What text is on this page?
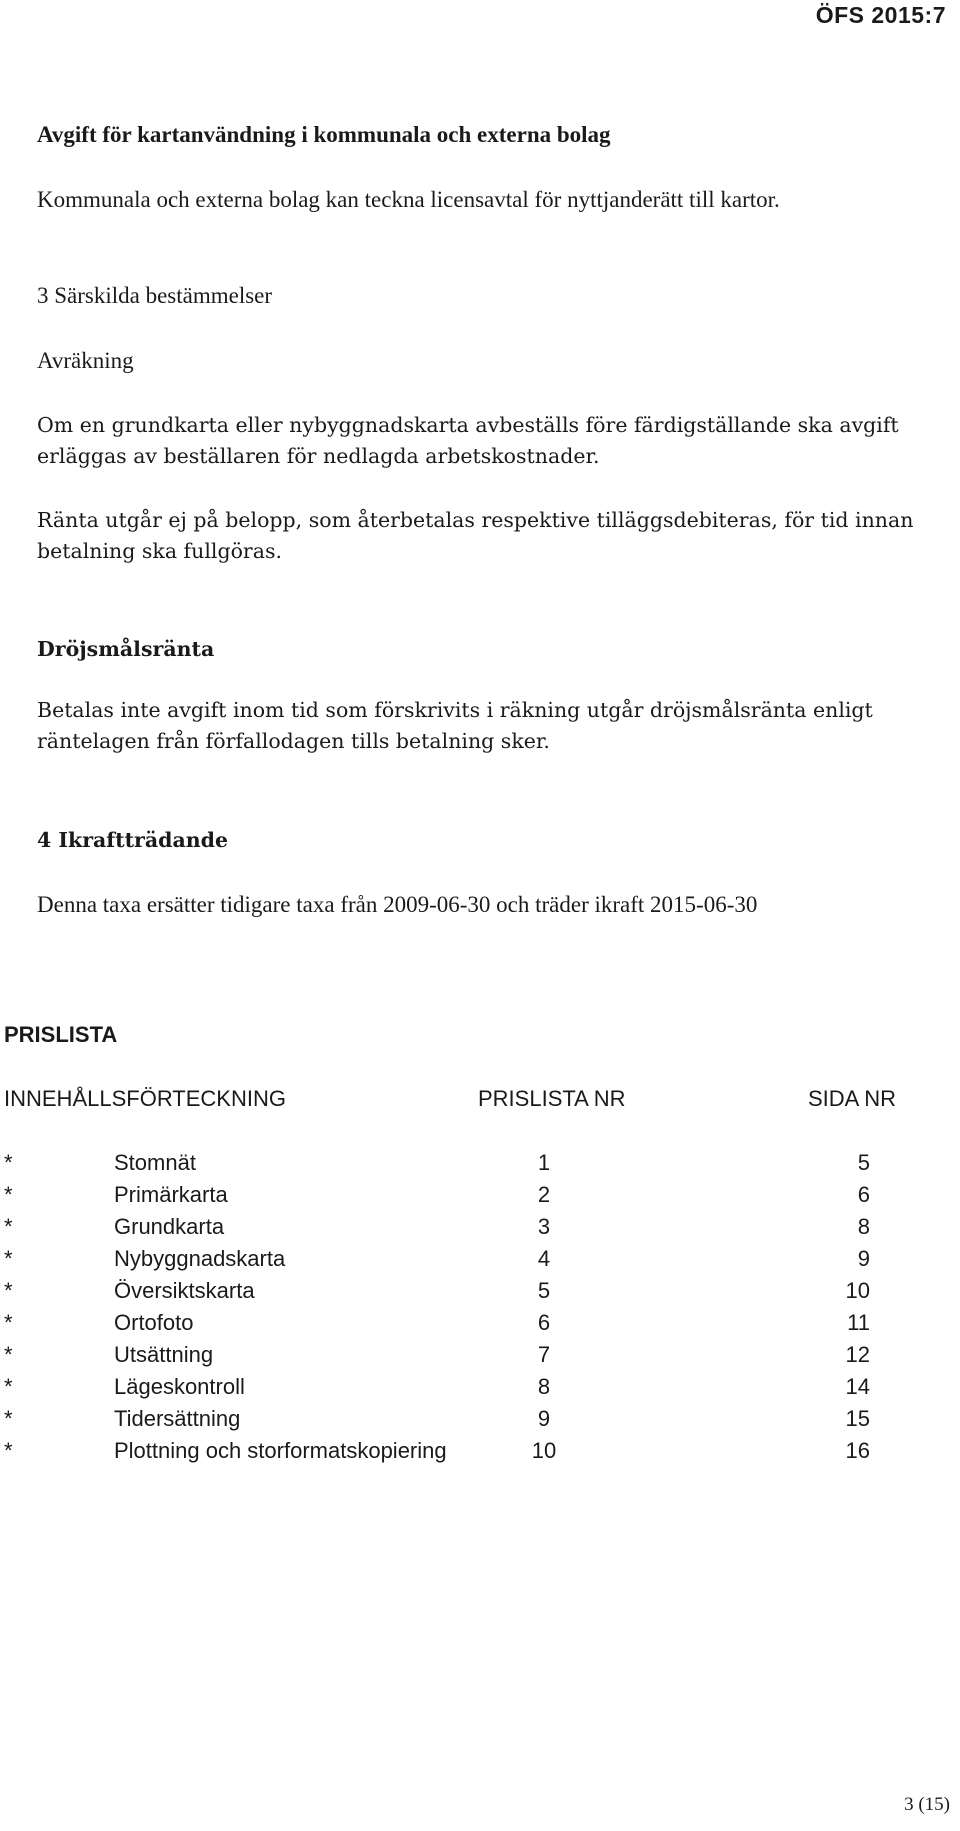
ÖFS 2015:7
Avgift för kartanvändning i kommunala och externa bolag
Kommunala och externa bolag kan teckna licensavtal för nyttjanderätt till kartor.
3 Särskilda bestämmelser
Avräkning
Om en grundkarta eller nybyggnadskarta avbeställs före färdigställande ska avgift erläggas av beställaren för nedlagda arbetskostnader.
Ränta utgår ej på belopp, som återbetalas respektive tilläggsdebiteras, för tid innan betalning ska fullgöras.
Dröjsmålsränta
Betalas inte avgift inom tid som förskrivits i räkning utgår dröjsmålsränta enligt räntelagen från förfallodagen tills betalning sker.
4 Ikraftträdande
Denna taxa ersätter tidigare taxa från 2009-06-30 och träder ikraft 2015-06-30
PRISLISTA
INNEHÅLLSFÖRTECKNING	PRISLISTA NR	SIDA NR
*	Stomnät	1	5
*	Primärkarta	2	6
*	Grundkarta	3	8
*	Nybyggnadskarta	4	9
*	Översiktskarta	5	10
*	Ortofoto	6	11
*	Utsättning	7	12
*	Lägeskontroll	8	14
*	Tidersättning	9	15
*	Plottning och storformatskopiering	10	16
3 (15)
